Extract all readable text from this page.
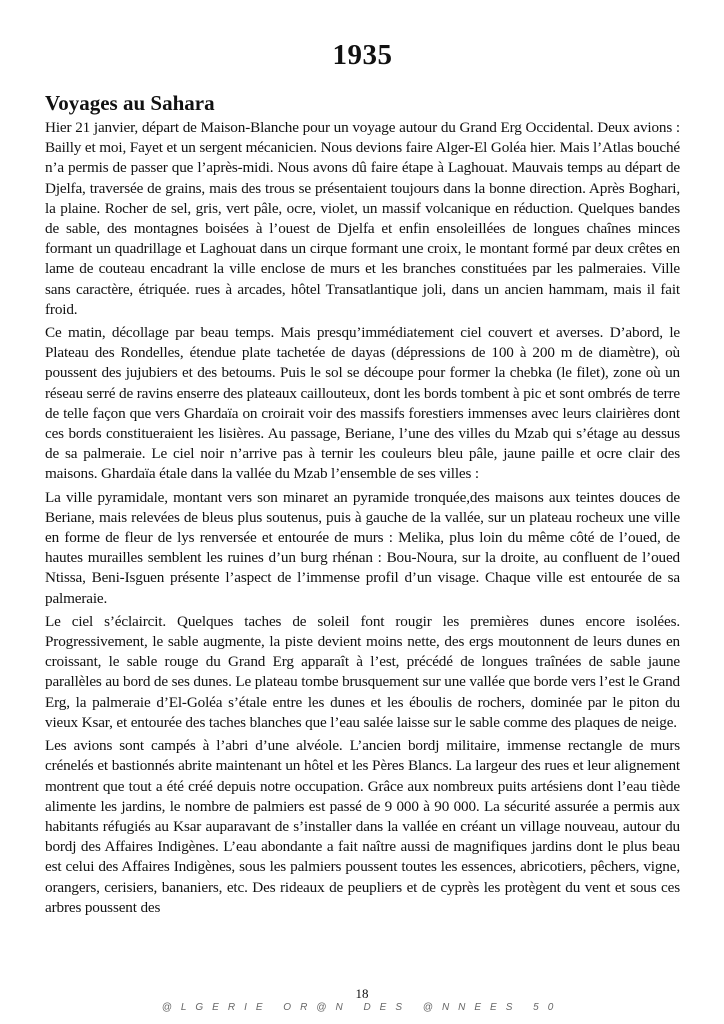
1935
Voyages au Sahara

Hier 21 janvier, départ de Maison-Blanche pour un voyage autour du Grand Erg Occidental. Deux avions : Bailly et moi, Fayet et un sergent mécanicien. Nous devions faire Alger-El Goléa hier. Mais l’Atlas bouché n’a permis de passer que l’après-midi. Nous avons dû faire étape à Laghouat. Mauvais temps au départ de Djelfa, traversée de grains, mais des trous se présentaient toujours dans la bonne direction. Après Boghari, la plaine. Rocher de sel, gris, vert pâle, ocre, violet, un massif volcanique en réduction. Quelques bandes de sable, des montagnes boisées à l’ouest de Djelfa et enfin ensoleillées de longues chaînes minces formant un quadrillage et Laghouat dans un cirque formant une croix, le montant formé par deux crêtes en lame de couteau encadrant la ville enclose de murs et les branches constituées par les palmeraies. Ville sans caractère, étriquée. rues à arcades, hôtel Transatlantique joli, dans un ancien hammam, mais il fait froid.

Ce matin, décollage par beau temps. Mais presqu’immédiatement ciel couvert et averses. D’abord, le Plateau des Rondelles, étendue plate tachetée de dayas (dépressions de 100 à 200 m de diamètre), où poussent des jujubiers et des betoums. Puis le sol se découpe pour former la chebka (le filet), zone où un réseau serré de ravins enserre des plateaux caillouteux, dont les bords tombent à pic et sont ombrés de terre de telle façon que vers Ghardaïa on croirait voir des massifs forestiers immenses avec leurs clairières dont ces bords constitueraient les lisières. Au passage, Beriane, l’une des villes du Mzab qui s’étage au dessus de sa palmeraie. Le ciel noir n’arrive pas à ternir les couleurs bleu pâle, jaune paille et ocre clair des maisons. Ghardaïa étale dans la vallée du Mzab l’ensemble de ses villes :

La ville pyramidale, montant vers son minaret an pyramide tronquée,des maisons aux teintes douces de Beriane, mais relevées de bleus plus soutenus, puis à gauche de la vallée, sur un plateau rocheux une ville en forme de fleur de lys renversée et entourée de murs : Melika, plus loin du même côté de l’oued, de hautes murailles semblent les ruines d’un burg rhénan : Bou-Noura, sur la droite, au confluent de l’oued Ntissa, Beni-Isguen présente l’aspect de l’immense profil d’un visage. Chaque ville est entourée de sa palmeraie.

Le ciel s’éclaircit. Quelques taches de soleil font rougir les premières dunes encore isolées. Progressivement, le sable augmente, la piste devient moins nette, des ergs moutonnent de leurs dunes en croissant, le sable rouge du Grand Erg apparaît à l’est, précédé de longues traînées de sable jaune parallèles au bord de ses dunes. Le plateau tombe brusquement sur une vallée que borde vers l’est le Grand Erg, la palmeraie d’El-Goléa s’étale entre les dunes et les éboulis de rochers, dominée par le piton du vieux Ksar, et entourée des taches blanches que l’eau salée laisse sur le sable comme des plaques de neige.

Les avions sont campés à l’abri d’une alvéole. L’ancien bordj militaire, immense rectangle de murs crénelés et bastionnés abrite maintenant un hôtel et les Pères Blancs. La largeur des rues et leur alignement montrent que tout a été créé depuis notre occupation. Grâce aux nombreux puits artésiens dont l’eau tiède alimente les jardins, le nombre de palmiers est passé de 9 000 à 90 000. La sécurité assurée a permis aux habitants réfugiés au Ksar auparavant de s’installer dans la vallée en créant un village nouveau, autour du bordj des Affaires Indigènes. L’eau abondante a fait naître aussi de magnifiques jardins dont le plus beau est celui des Affaires Indigènes, sous les palmiers poussent toutes les essences, abricotiers, pêchers, vigne, orangers, cerisiers, bananiers, etc. Des rideaux de peupliers et de cyprès les protègent du vent et sous ces arbres poussent des

18
@LGERIE OR@N DES @NNEES 50
